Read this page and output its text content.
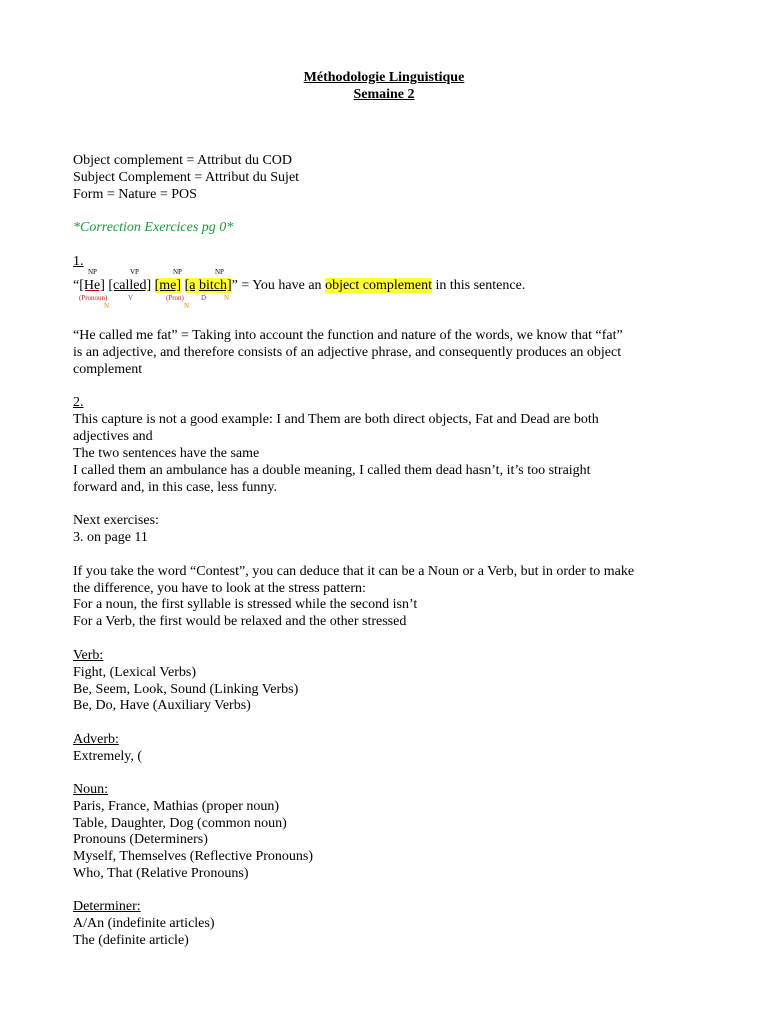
Méthodologie Linguistique
Semaine 2
Object complement = Attribut du COD
Subject Complement = Attribut du Sujet
Form = Nature = POS
*Correction Exercices pg 0*
1.
NP	VP	NP	NP
“[He] [called] [me] [a bitch]” = You have an object complement in this sentence.
(Pronoun)
N
V	(Pron)
N
D	N
“He called me fat” = Taking into account the function and nature of the words, we know that “fat”
is an adjective, and therefore consists of an adjective phrase, and consequently produces an object
complement
2.
This capture is not a good example: I and Them are both direct objects, Fat and Dead are both
adjectives and
The two sentences have the same
I called them an ambulance has a double meaning, I called them dead hasn’t, it’s too straight
forward and, in this case, less funny.
Next exercises:
3. on page 11
If you take the word “Contest”, you can deduce that it can be a Noun or a Verb, but in order to make
the difference, you have to look at the stress pattern:
For a noun, the first syllable is stressed while the second isn’t
For a Verb, the first would be relaxed and the other stressed
Verb:
Fight, (Lexical Verbs)
Be, Seem, Look, Sound (Linking Verbs)
Be, Do, Have (Auxiliary Verbs)
Adverb:
Extremely, (
Noun:
Paris, France, Mathias (proper noun)
Table, Daughter, Dog (common noun)
Pronouns (Determiners)
Myself, Themselves (Reflective Pronouns)
Who, That (Relative Pronouns)
Determiner:
A/An (indefinite articles)
The (definite article)
